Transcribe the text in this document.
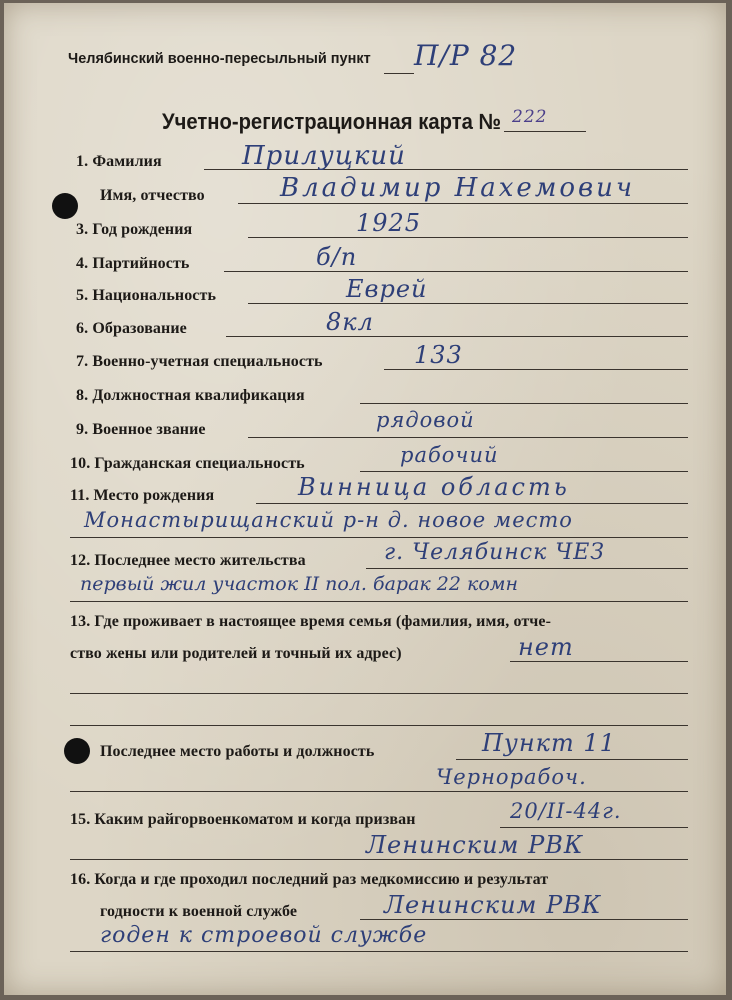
Челябинский военно-пересыльный пункт П/Р 82
Учетно-регистрационная карта № 222
1. Фамилия	Прилуцкий
Имя, отчество	Владимир Нахемович
3. Год рождения	1925
4. Партийность	б/п
5. Национальность	Еврей
6. Образование	8кл
7. Военно-учетная специальность	133
8. Должностная квалификация
9. Военное звание	рядовой
10. Гражданская специальность	рабочий
11. Место рождения	Винница область
Монастырищанский р-н д. новое место
12. Последнее место жительства	г. Челябинск ЧЕЗ
первый жил участок II пол. барак 22 комн
13. Где проживает в настоящее время семья (фамилия, имя, отче-
ство жены или родителей и точный их адрес)	нет
Последнее место работы и должность	Пункт 11
Чернорабоч.
15. Каким райгорвоенкоматом и когда призван	20/II-44г.
Ленинским РВК
16. Когда и где проходил последний раз медкомиссию и результат
годности к военной службе	Ленинским РВК
годен к строевой службе
